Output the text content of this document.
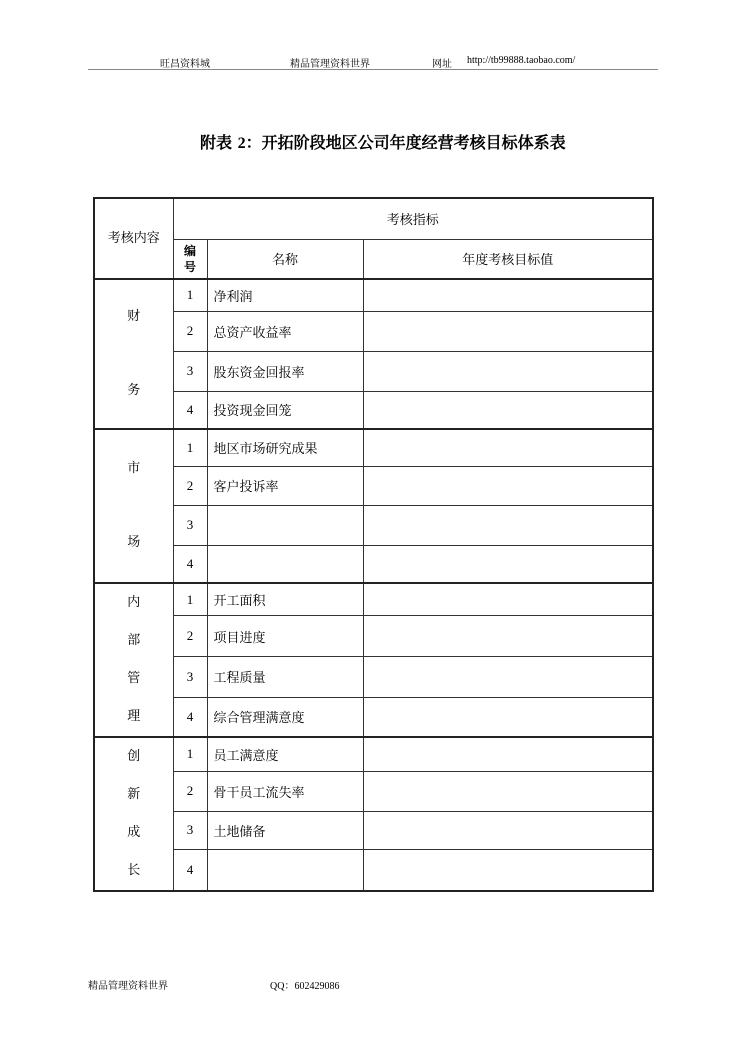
旺昌资料城	精品管理资料世界	网址 http://tb99888.taobao.com/
附表 2：开拓阶段地区公司年度经营考核目标体系表
考核内容	考核指标		

	编
号	名称	年度考核目标值

财
务	1	净利润	
	2	总资产收益率	
	3	股东资金回报率	
	4	投资现金回笼	

市
场	1	地区市场研究成果	
	2	客户投诉率	
	3		
	4		

内
部
管
理	1	开工面积	
	2	项目进度	
	3	工程质量	
	4	综合管理满意度	

创
新
成
长	1	员工满意度	
	2	骨干员工流失率	
	3	土地储备	
	4		
精品管理资料世界	QQ：602429086
